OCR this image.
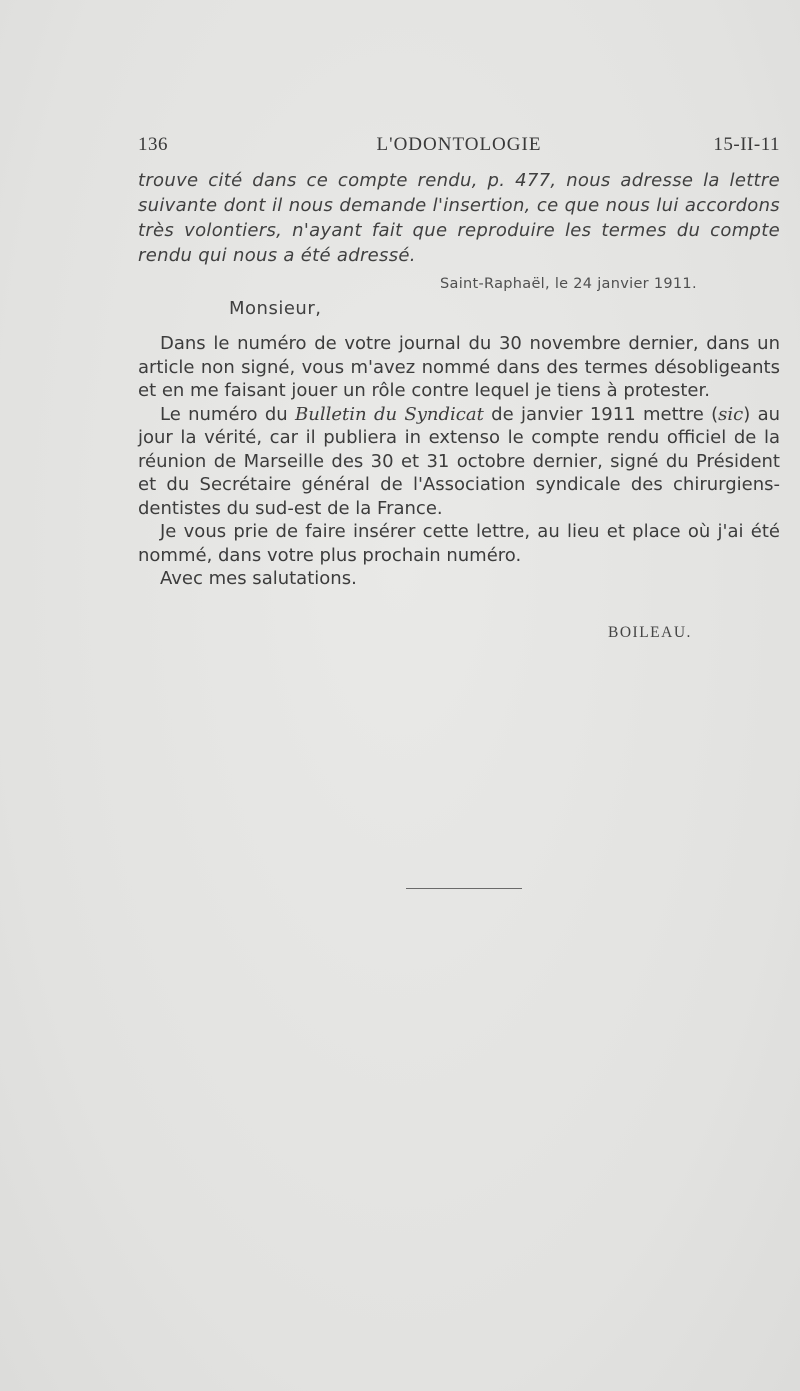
136	L'ODONTOLOGIE	15-II-11
trouve cité dans ce compte rendu, p. 477, nous adresse la lettre suivante dont il nous demande l'insertion, ce que nous lui accordons très volontiers, n'ayant fait que reproduire les termes du compte rendu qui nous a été adressé.
Saint-Raphaël, le 24 janvier 1911.
Monsieur,

Dans le numéro de votre journal du 30 novembre dernier, dans un article non signé, vous m'avez nommé dans des termes désobligeants et en me faisant jouer un rôle contre lequel je tiens à protester.

Le numéro du Bulletin du Syndicat de janvier 1911 mettre (sic) au jour la vérité, car il publiera in extenso le compte rendu officiel de la réunion de Marseille des 30 et 31 octobre dernier, signé du Président et du Secrétaire général de l'Association syndicale des chirurgiens-dentistes du sud-est de la France.

Je vous prie de faire insérer cette lettre, au lieu et place où j'ai été nommé, dans votre plus prochain numéro.

Avec mes salutations.

BOILEAU.
